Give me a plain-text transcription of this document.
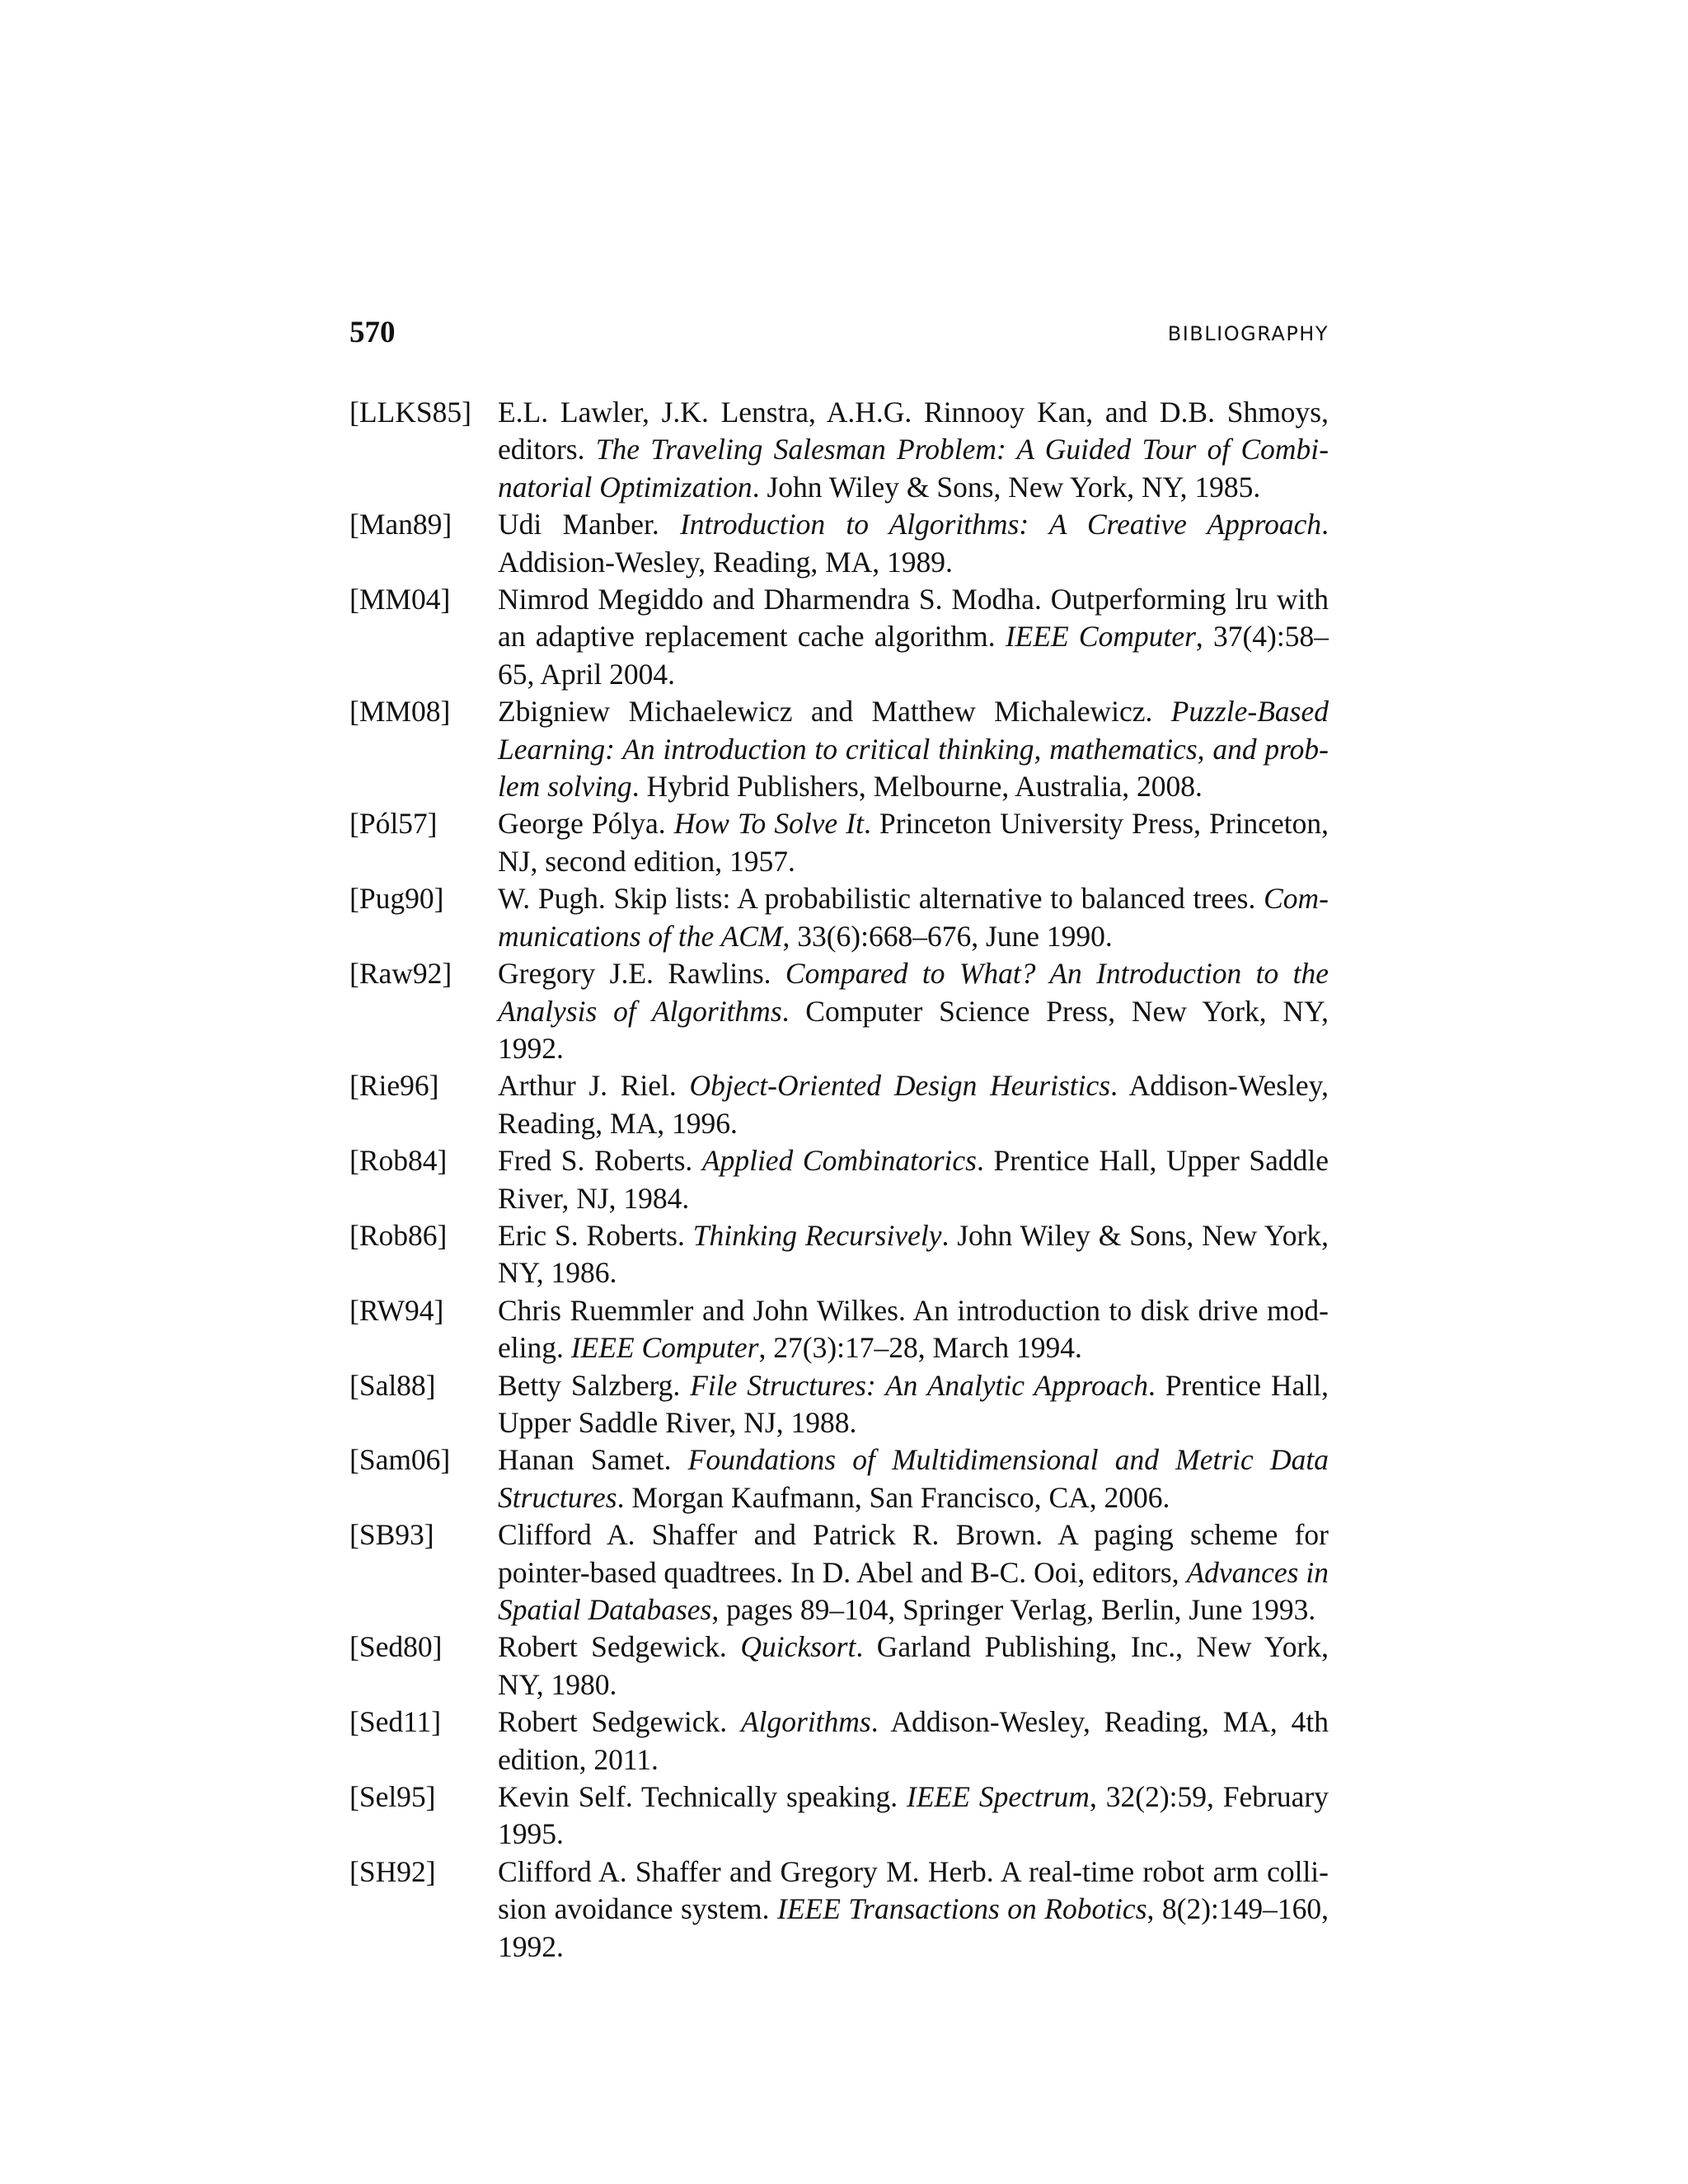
570	BIBLIOGRAPHY
[LLKS85] E.L. Lawler, J.K. Lenstra, A.H.G. Rinnooy Kan, and D.B. Shmoys, editors. The Traveling Salesman Problem: A Guided Tour of Combinatorial Optimization. John Wiley & Sons, New York, NY, 1985.
[Man89]	Udi Manber. Introduction to Algorithms: A Creative Approach. Addision-Wesley, Reading, MA, 1989.
[MM04]	Nimrod Megiddo and Dharmendra S. Modha. Outperforming lru with an adaptive replacement cache algorithm. IEEE Computer, 37(4):58–65, April 2004.
[MM08]	Zbigniew Michaelewicz and Matthew Michalewicz. Puzzle-Based Learning: An introduction to critical thinking, mathematics, and problem solving. Hybrid Publishers, Melbourne, Australia, 2008.
[Pól57]	George Pólya. How To Solve It. Princeton University Press, Princeton, NJ, second edition, 1957.
[Pug90]	W. Pugh. Skip lists: A probabilistic alternative to balanced trees. Communications of the ACM, 33(6):668–676, June 1990.
[Raw92]	Gregory J.E. Rawlins. Compared to What? An Introduction to the Analysis of Algorithms. Computer Science Press, New York, NY, 1992.
[Rie96]	Arthur J. Riel. Object-Oriented Design Heuristics. Addison-Wesley, Reading, MA, 1996.
[Rob84]	Fred S. Roberts. Applied Combinatorics. Prentice Hall, Upper Saddle River, NJ, 1984.
[Rob86]	Eric S. Roberts. Thinking Recursively. John Wiley & Sons, New York, NY, 1986.
[RW94]	Chris Ruemmler and John Wilkes. An introduction to disk drive modeling. IEEE Computer, 27(3):17–28, March 1994.
[Sal88]	Betty Salzberg. File Structures: An Analytic Approach. Prentice Hall, Upper Saddle River, NJ, 1988.
[Sam06]	Hanan Samet. Foundations of Multidimensional and Metric Data Structures. Morgan Kaufmann, San Francisco, CA, 2006.
[SB93]	Clifford A. Shaffer and Patrick R. Brown. A paging scheme for pointer-based quadtrees. In D. Abel and B-C. Ooi, editors, Advances in Spatial Databases, pages 89–104, Springer Verlag, Berlin, June 1993.
[Sed80]	Robert Sedgewick. Quicksort. Garland Publishing, Inc., New York, NY, 1980.
[Sed11]	Robert Sedgewick. Algorithms. Addison-Wesley, Reading, MA, 4th edition, 2011.
[Sel95]	Kevin Self. Technically speaking. IEEE Spectrum, 32(2):59, February 1995.
[SH92]	Clifford A. Shaffer and Gregory M. Herb. A real-time robot arm collision avoidance system. IEEE Transactions on Robotics, 8(2):149–160, 1992.
